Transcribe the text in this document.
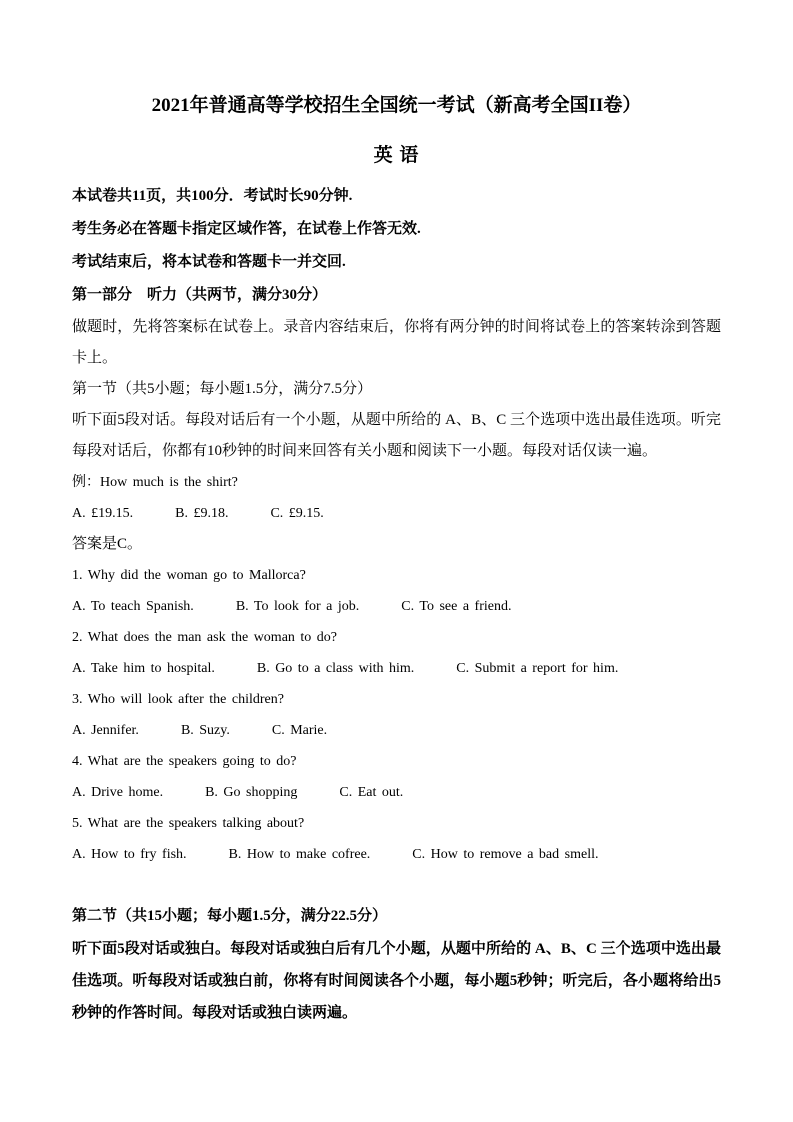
2021年普通高等学校招生全国统一考试（新高考全国II卷）

英 语

本试卷共11页，共100分．考试时长90分钟.

考生务必在答题卡指定区域作答，在试卷上作答无效.

考试结束后，将本试卷和答题卡一并交回.

第一部分　听力（共两节，满分30分）

做题时，先将答案标在试卷上。录音内容结束后，你将有两分钟的时间将试卷上的答案转涂到答题卡上。

第一节（共5小题；每小题1.5分，满分7.5分）

听下面5段对话。每段对话后有一个小题，从题中所给的 A、B、C 三个选项中选出最佳选项。听完每段对话后，你都有10秒钟的时间来回答有关小题和阅读下一小题。每段对话仅读一遍。

例：How much is the shirt?

A. £19.15.	B. £9.18.	C. £9.15.

答案是C。

1. Why did the woman go to Mallorca?

A. To teach Spanish.	B. To look for a job.	C. To see a friend.

2. What does the man ask the woman to do?

A. Take him to hospital.	B. Go to a class with him.	C. Submit a report for him.

3. Who will look after the children?

A. Jennifer.	B. Suzy.	C. Marie.

4. What are the speakers going to do?

A. Drive home.	B. Go shopping	C. Eat out.

5. What are the speakers talking about?

A. How to fry fish.	B. How to make cofree.	C. How to remove a bad smell.

第二节（共15小题；每小题1.5分，满分22.5分）

听下面5段对话或独白。每段对话或独白后有几个小题，从题中所给的 A、B、C 三个选项中选出最佳选项。听每段对话或独白前，你将有时间阅读各个小题，每小题5秒钟；听完后，各小题将给出5秒钟的作答时间。每段对话或独白读两遍。
